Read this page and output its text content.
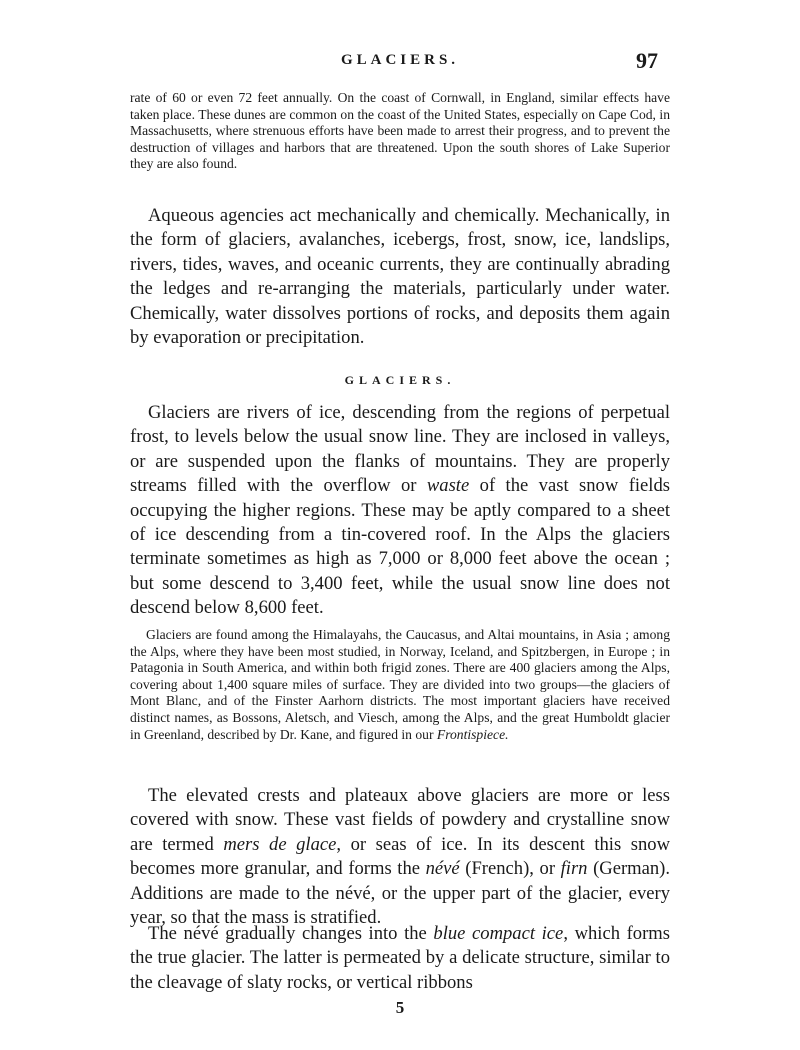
GLACIERS.	97

rate of 60 or even 72 feet annually. On the coast of Cornwall, in England, similar effects have taken place. These dunes are common on the coast of the United States, especially on Cape Cod, in Massachusetts, where strenuous efforts have been made to arrest their progress, and to prevent the destruction of villages and harbors that are threatened. Upon the south shores of Lake Superior they are also found.

Aqueous agencies act mechanically and chemically. Mechanically, in the form of glaciers, avalanches, icebergs, frost, snow, ice, landslips, rivers, tides, waves, and oceanic currents, they are continually abrading the ledges and re-arranging the materials, particularly under water. Chemically, water dissolves portions of rocks, and deposits them again by evaporation or precipitation.

GLACIERS.

Glaciers are rivers of ice, descending from the regions of perpetual frost, to levels below the usual snow line. They are inclosed in valleys, or are suspended upon the flanks of mountains. They are properly streams filled with the overflow or waste of the vast snow fields occupying the higher regions. These may be aptly compared to a sheet of ice descending from a tin-covered roof. In the Alps the glaciers terminate sometimes as high as 7,000 or 8,000 feet above the ocean ; but some descend to 3,400 feet, while the usual snow line does not descend below 8,600 feet.

Glaciers are found among the Himalayahs, the Caucasus, and Altai mountains, in Asia ; among the Alps, where they have been most studied, in Norway, Iceland, and Spitzbergen, in Europe ; in Patagonia in South America, and within both frigid zones. There are 400 glaciers among the Alps, covering about 1,400 square miles of surface. They are divided into two groups—the glaciers of Mont Blanc, and of the Finster Aarhorn districts. The most important glaciers have received distinct names, as Bossons, Aletsch, and Viesch, among the Alps, and the great Humboldt glacier in Greenland, described by Dr. Kane, and figured in our Frontispiece.

The elevated crests and plateaux above glaciers are more or less covered with snow. These vast fields of powdery and crystalline snow are termed mers de glace, or seas of ice. In its descent this snow becomes more granular, and forms the névé (French), or firn (German). Additions are made to the névé, or the upper part of the glacier, every year, so that the mass is stratified.

The névé gradually changes into the blue compact ice, which forms the true glacier. The latter is permeated by a delicate structure, similar to the cleavage of slaty rocks, or vertical ribbons

5
